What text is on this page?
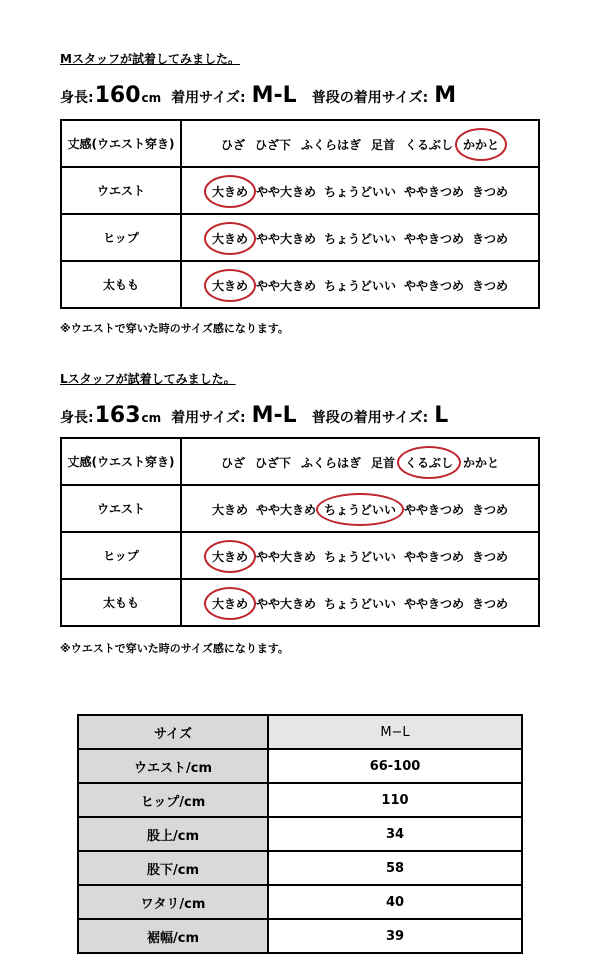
Mスタッフが試着してみました。
身長: 160 cm 着用サイズ: M-L 普段の着用サイズ: M
丈感(ウエスト穿き)	ひざ ひざ下 ふくらはぎ 足首 くるぶし かかと
ウエスト	大きめ やや大きめ ちょうどいい ややきつめ きつめ
ヒップ	大きめ やや大きめ ちょうどいい ややきつめ きつめ
太もも	大きめ やや大きめ ちょうどいい ややきつめ きつめ
※ウエストで穿いた時のサイズ感になります。
Lスタッフが試着してみました。
身長: 163 cm 着用サイズ: M-L 普段の着用サイズ: L
丈感(ウエスト穿き)	ひざ ひざ下 ふくらはぎ 足首 くるぶし かかと
ウエスト	大きめ やや大きめ ちょうどいい ややきつめ きつめ
ヒップ	大きめ やや大きめ ちょうどいい ややきつめ きつめ
太もも	大きめ やや大きめ ちょうどいい ややきつめ きつめ
※ウエストで穿いた時のサイズ感になります。
サイズ	M−L
ウエスト/cm	66-100
ヒップ/cm	110
股上/cm	34
股下/cm	58
ワタリ/cm	40
裾幅/cm	39
